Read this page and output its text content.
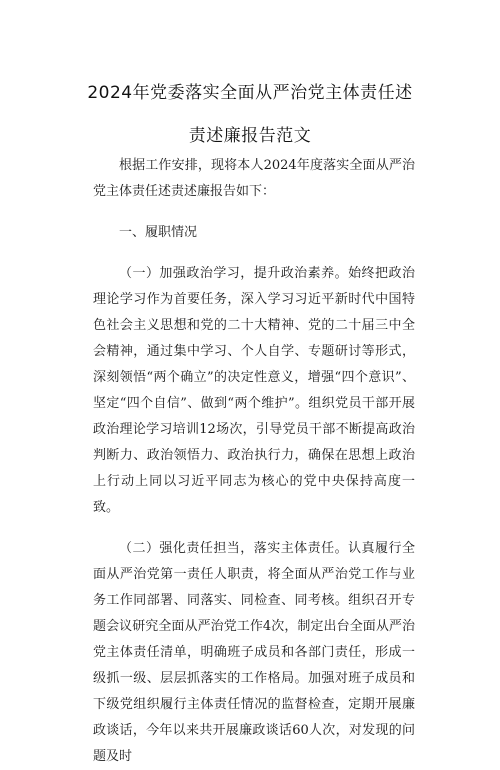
2024年党委落实全面从严治党主体责任述
责述廉报告范文

根据工作安排，现将本人2024年度落实全面从严治党主体责任述责述廉报告如下：

一、履职情况

（一）加强政治学习，提升政治素养。始终把政治理论学习作为首要任务，深入学习习近平新时代中国特色社会主义思想和党的二十大精神、党的二十届三中全会精神，通过集中学习、个人自学、专题研讨等形式，深刻领悟“两个确立”的决定性意义，增强“四个意识”、坚定“四个自信”、做到“两个维护”。组织党员干部开展政治理论学习培训12场次，引导党员干部不断提高政治判断力、政治领悟力、政治执行力，确保在思想上政治上行动上同以习近平同志为核心的党中央保持高度一致。

（二）强化责任担当，落实主体责任。认真履行全面从严治党第一责任人职责，将全面从严治党工作与业务工作同部署、同落实、同检查、同考核。组织召开专题会议研究全面从严治党工作4次，制定出台全面从严治党主体责任清单，明确班子成员和各部门责任，形成一级抓一级、层层抓落实的工作格局。加强对班子成员和下级党组织履行主体责任情况的监督检查，定期开展廉政谈话，今年以来共开展廉政谈话60人次，对发现的问题及时
